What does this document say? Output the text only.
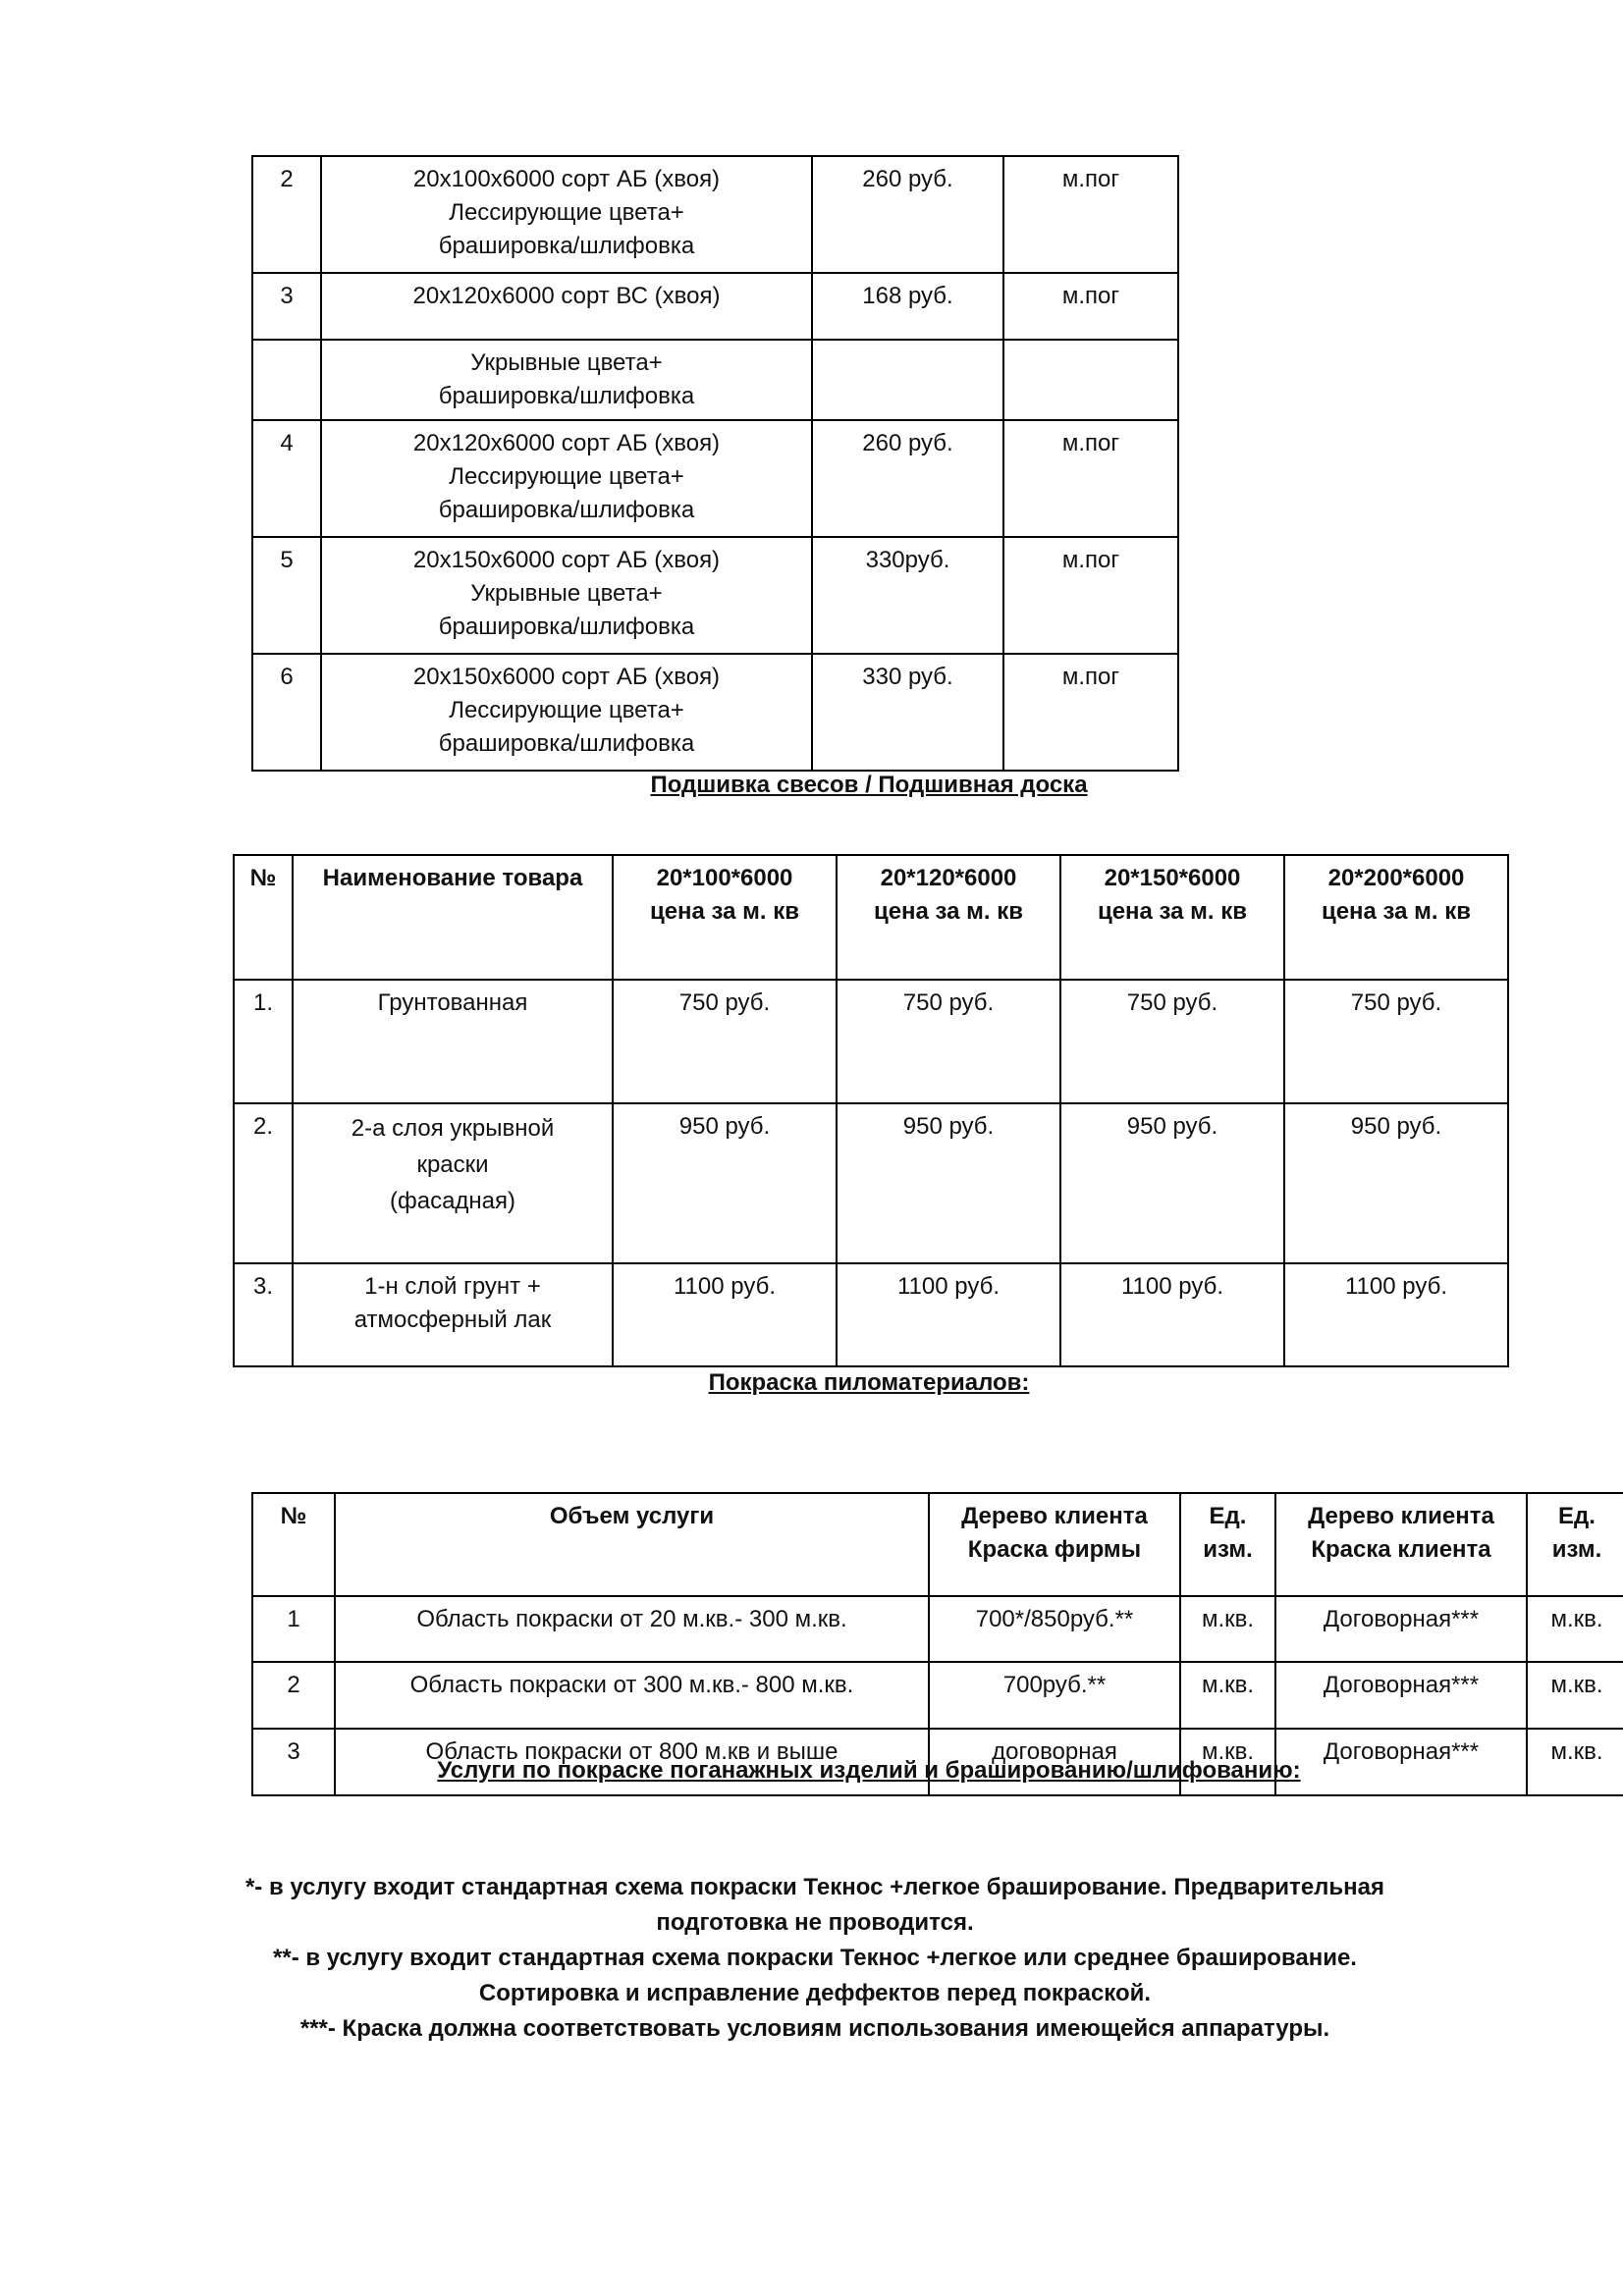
2	20х100х6000 сорт АБ (хвоя)
Лессирующие цвета+
брашировка/шлифовка	260 руб.	м.пог
3	20х120х6000 сорт ВС (хвоя)	168 руб.	м.пог

	Укрывные цвета+
брашировка/шлифовка		

4	20х120х6000 сорт АБ (хвоя)
Лессирующие цвета+
брашировка/шлифовка	260 руб.	м.пог
5	20х150х6000 сорт АБ (хвоя)
Укрывные цвета+
брашировка/шлифовка	330руб.	м.пог
6	20х150х6000 сорт АБ (хвоя)
Лессирующие цвета+
брашировка/шлифовка	330 руб.	м.пог
Подшивка свесов / Подшивная доска
№	Наименование товара	20*100*6000
цена за м. кв	20*120*6000
цена за м. кв	20*150*6000
цена за м. кв	20*200*6000
цена за м. кв

1.	Грунтованная	750 руб.	750 руб.	750 руб.	750 руб.
2.	2-а слоя укрывной
краски
(фасадная)	950 руб.	950 руб.	950 руб.	950 руб.
3.	1-н слой грунт +
атмосферный лак	1100 руб.	1100 руб.	1100 руб.	1100 руб.
Покраска пиломатериалов:
№	Объем услуги	Дерево клиента
Краска фирмы	Ед.
изм.	Дерево клиента
Краска клиента	Ед.
изм.

1	Область покраски от 20 м.кв.- 300 м.кв.	700*/850руб.**	м.кв.	Договорная***	м.кв.
2	Область покраски от 300 м.кв.- 800 м.кв.	700руб.**	м.кв.	Договорная***	м.кв.
3	Область покраски от 800 м.кв и выше	договорная	м.кв.	Договорная***	м.кв.
Услуги по покраске поганажных изделий и брашированию/шлифованию:
*- в услугу входит стандартная схема покраски Текнос +легкое браширование. Предварительная
подготовка не проводится.
**- в услугу входит стандартная схема покраски Текнос +легкое или среднее браширование.
Сортировка и исправление деффектов перед покраской.
***- Краска должна соответствовать условиям использования имеющейся аппаратуры.
